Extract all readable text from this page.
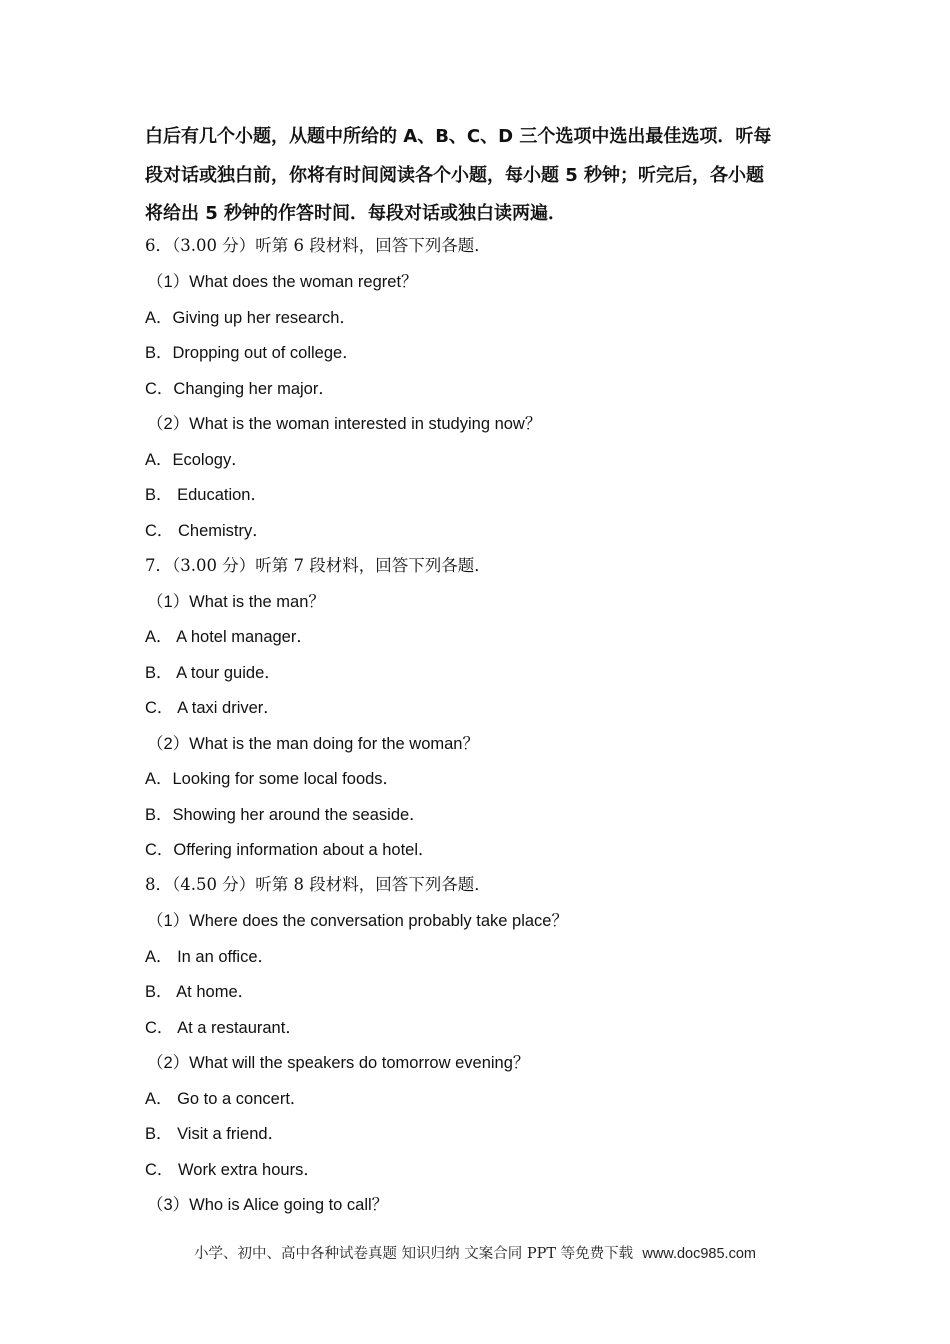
白后有几个小题，从题中所给的 A、B、C、D 三个选项中选出最佳选项．听每

段对话或独白前，你将有时间阅读各个小题，每小题 5 秒钟；听完后，各小题

将给出 5 秒钟的作答时间．每段对话或独白读两遍．

6．（3.00 分）听第 6 段材料，回答下列各题．

（1）What does the woman regret？

A．Giving up her research．

B．Dropping out of college．

C．Changing her major．

（2）What is the woman interested in studying now？

A．Ecology．

B． Education．

C． Chemistry．

7．（3.00 分）听第 7 段材料，回答下列各题．

（1）What is the man？

A． A hotel manager．

B． A tour guide．

C． A taxi driver．

（2）What is the man doing for the woman？

A．Looking for some local foods．

B．Showing her around the seaside．

C．Offering information about a hotel．

8．（4.50 分）听第 8 段材料，回答下列各题．

（1）Where does the conversation probably take place？

A． In an office．

B． At home．

C． At a restaurant．

（2）What will the speakers do tomorrow evening？

A． Go to a concert．

B． Visit a friend．

C． Work extra hours．

（3）Who is Alice going to call？

小学、初中、高中各种试卷真题 知识归纳 文案合同 PPT 等免费下载 www.doc985.com
